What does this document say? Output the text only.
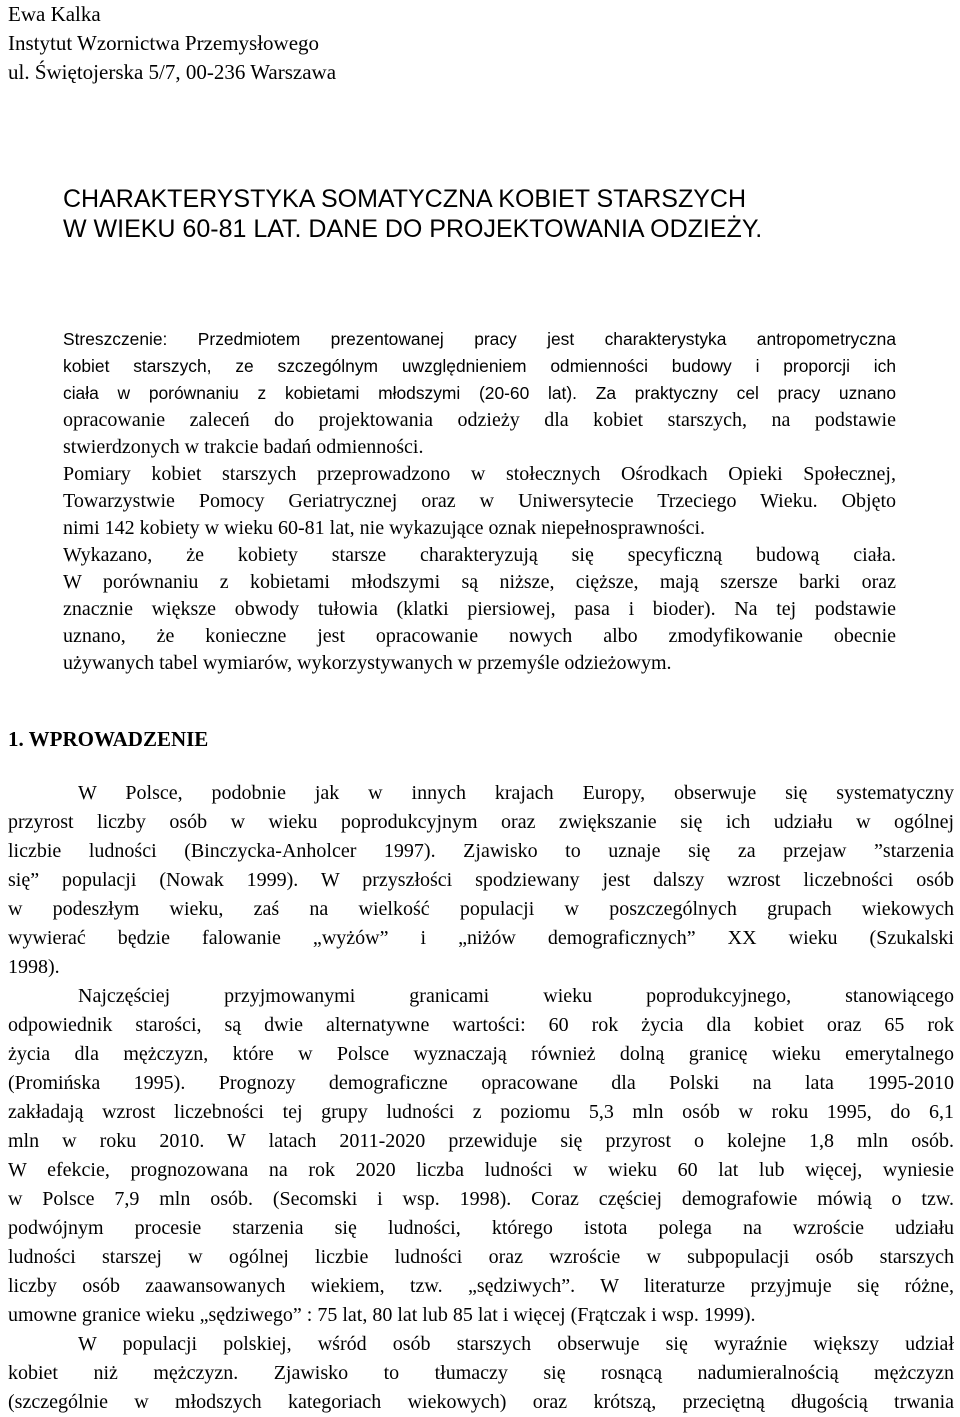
Ewa Kalka
Instytut Wzornictwa Przemysłowego
ul. Świętojerska 5/7, 00-236 Warszawa
CHARAKTERYSTYKA SOMATYCZNA KOBIET STARSZYCH
W WIEKU 60-81 LAT. DANE DO PROJEKTOWANIA ODZIEŻY.
Streszczenie: Przedmiotem prezentowanej pracy jest charakterystyka antropometryczna
kobiet starszych, ze szczególnym uwzględnieniem odmienności budowy i proporcji ich
ciała w porównaniu z kobietami młodszymi (20-60 lat). Za praktyczny cel pracy uznano
opracowanie zaleceń do projektowania odzieży dla kobiet starszych, na podstawie
stwierdzonych w trakcie badań odmienności.
Pomiary kobiet starszych przeprowadzono w stołecznych Ośrodkach Opieki Społecznej,
Towarzystwie Pomocy Geriatrycznej oraz w Uniwersytecie Trzeciego Wieku. Objęto
nimi 142 kobiety w wieku 60-81 lat, nie wykazujące oznak niepełnosprawności.
Wykazano, że kobiety starsze charakteryzują się specyficzną budową ciała.
W porównaniu z kobietami młodszymi są niższe, cięższe, mają szersze barki oraz
znacznie większe obwody tułowia (klatki piersiowej, pasa i bioder). Na tej podstawie
uznano, że konieczne jest opracowanie nowych albo zmodyfikowanie obecnie
używanych tabel wymiarów, wykorzystywanych w przemyśle odzieżowym.
1. WPROWADZENIE
W Polsce, podobnie jak w innych krajach Europy, obserwuje się systematyczny
przyrost liczby osób w wieku poprodukcyjnym oraz zwiększanie się ich udziału w ogólnej
liczbie ludności (Binczycka-Anholcer 1997). Zjawisko to uznaje się za przejaw ”starzenia
się” populacji (Nowak 1999). W przyszłości spodziewany jest dalszy wzrost liczebności osób
w podeszłym wieku, zaś na wielkość populacji w poszczególnych grupach wiekowych
wywierać będzie falowanie „wyżów” i „niżów demograficznych” XX wieku (Szukalski
1998).
Najczęściej przyjmowanymi granicami wieku poprodukcyjnego, stanowiącego
odpowiednik starości, są dwie alternatywne wartości: 60 rok życia dla kobiet oraz 65 rok
życia dla mężczyzn, które w Polsce wyznaczają również dolną granicę wieku emerytalnego
(Promińska 1995). Prognozy demograficzne opracowane dla Polski na lata 1995-2010
zakładają wzrost liczebności tej grupy ludności z poziomu 5,3 mln osób w roku 1995, do 6,1
mln w roku 2010. W latach 2011-2020 przewiduje się przyrost o kolejne 1,8 mln osób.
W efekcie, prognozowana na rok 2020 liczba ludności w wieku 60 lat lub więcej, wyniesie
w Polsce 7,9 mln osób. (Secomski i wsp. 1998). Coraz częściej demografowie mówią o tzw.
podwójnym procesie starzenia się ludności, którego istota polega na wzroście udziału
ludności starszej w ogólnej liczbie ludności oraz wzroście w subpopulacji osób starszych
liczby osób zaawansowanych wiekiem, tzw. „sędziwych”. W literaturze przyjmuje się różne,
umowne granice wieku „sędziwego” : 75 lat, 80 lat lub 85 lat i więcej (Frątczak i wsp. 1999).
W populacji polskiej, wśród osób starszych obserwuje się wyraźnie większy udział
kobiet niż mężczyzn. Zjawisko to tłumaczy się rosnącą nadumieralnością mężczyzn
(szczególnie w młodszych kategoriach wiekowych) oraz krótszą, przeciętną długością trwania
